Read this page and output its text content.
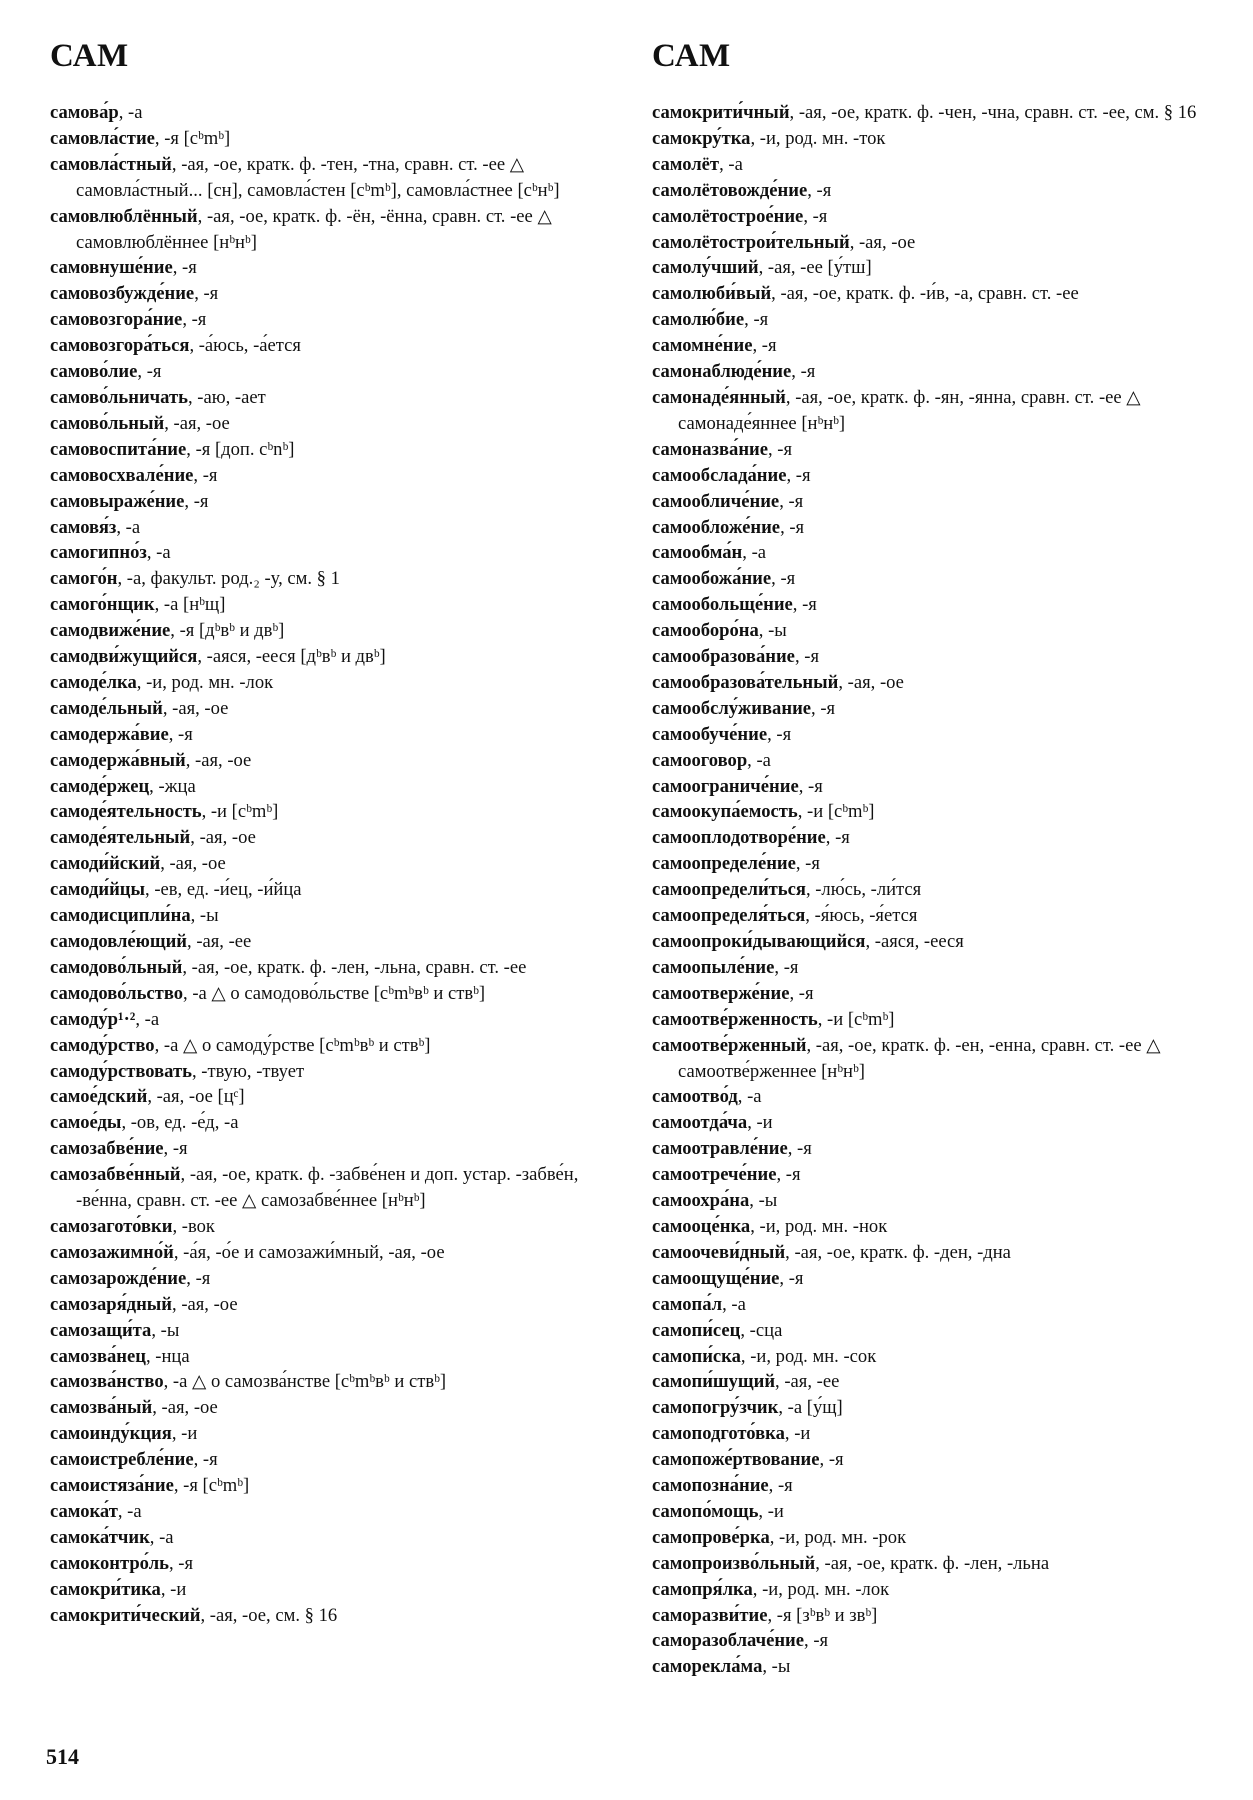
САМ

самова́р, -а

самовла́стие, -я [cᵇmᵇ]

самовла́стный, -ая, -ое, кратк. ф. -тен, -тна, сравн. ст. -ее △ самовла́стный... [сн], самовла́стен [cᵇmᵇ], самовла́стнее [cᵇнᵇ]

самовлюблённый, -ая, -ое, кратк. ф. -ён, -ённа, сравн. ст. -ее △ самовлюблённее [нᵇнᵇ]

самовнуше́ние, -я

самовозбужде́ние, -я

самовозгора́ние, -я

самовозгора́ться, -а́юсь, -а́ется

самово́лие, -я

самово́льничать, -аю, -ает

самово́льный, -ая, -ое

самовоспита́ние, -я [доп. cᵇnᵇ]

самовосхвале́ние, -я

самовыраже́ние, -я

самовя́з, -а

самогипно́з, -а

самого́н, -а, факульт. род.₂ -у, см. § 1

самого́нщик, -а [нᵇщ]

самодвиже́ние, -я [дᵇвᵇ и двᵇ]

самодви́жущийся, -аяся, -ееся [дᵇвᵇ и двᵇ]

самоде́лка, -и, род. мн. -лок

самоде́льный, -ая, -ое

самодержа́вие, -я

самодержа́вный, -ая, -ое

самоде́ржец, -жца

самоде́ятельность, -и [cᵇmᵇ]

самоде́ятельный, -ая, -ое

самоди́йский, -ая, -ое

самоди́йцы, -ев, ед. -и́ец, -и́йца

самодисципли́на, -ы

самодовле́ющий, -ая, -ее

самодово́льный, -ая, -ое, кратк. ф. -лен, -льна, сравн. ст. -ее

самодово́льство, -а △ о самодово́льстве [cᵇmᵇвᵇ и ствᵇ]

самоду́р¹·², -а

самоду́рство, -а △ о самоду́рстве [cᵇmᵇвᵇ и ствᵇ]

самоду́рствовать, -твую, -твует

самое́дский, -ая, -ое [цᶜ]

самое́ды, -ов, ед. -е́д, -а

самозабве́ние, -я

самозабве́нный, -ая, -ое, кратк. ф. -забве́нен и доп. устар. -забве́н, -ве́нна, сравн. ст. -ее △ самозабве́ннее [нᵇнᵇ]

самозагото́вки, -вок

самозажимно́й, -а́я, -о́е и самозажи́мный, -ая, -ое

самозарожде́ние, -я

самозаря́дный, -ая, -ое

самозащи́та, -ы

самозва́нец, -нца

самозва́нство, -а △ о самозва́нстве [cᵇmᵇвᵇ и ствᵇ]

самозва́ный, -ая, -ое

самоинду́кция, -и

самоистребле́ние, -я

самоистяза́ние, -я [cᵇmᵇ]

самока́т, -а

самока́тчик, -а

самоконтро́ль, -я

самокри́тика, -и

самокрити́ческий, -ая, -ое, см. § 16

САМ

самокрити́чный, -ая, -ое, кратк. ф. -чен, -чна, сравн. ст. -ее, см. § 16

самокру́тка, -и, род. мн. -ток

самолёт, -а

самолётовожде́ние, -я

самолётострое́ние, -я

самолётострои́тельный, -ая, -ое

самолу́чший, -ая, -ее [у́тш]

самолюби́вый, -ая, -ое, кратк. ф. -и́в, -а, сравн. ст. -ее

самолю́бие, -я

самомне́ние, -я

самонаблюде́ние, -я

самонаде́янный, -ая, -ое, кратк. ф. -ян, -янна, сравн. ст. -ее △ самонаде́яннее [нᵇнᵇ]

самоназва́ние, -я

самообслада́ние, -я

самообличе́ние, -я

самообложе́ние, -я

самообма́н, -а

самообожа́ние, -я

самообольще́ние, -я

самооборо́на, -ы

самообразова́ние, -я

самообразова́тельный, -ая, -ое

самообслу́живание, -я

самообуче́ние, -я

самооговор, -а

самоограниче́ние, -я

самоокупа́емость, -и [cᵇmᵇ]

самооплодотворе́ние, -я

самоопределе́ние, -я

самоопредели́ться, -лю́сь, -ли́тся

самоопределя́ться, -я́юсь, -я́ется

самоопроки́дывающийся, -аяся, -ееся

самоопыле́ние, -я

самоотверже́ние, -я

самоотве́рженность, -и [cᵇmᵇ]

самоотве́рженный, -ая, -ое, кратк. ф. -ен, -енна, сравн. ст. -ее △ самоотве́рженнее [нᵇнᵇ]

самоотво́д, -а

самоотда́ча, -и

самоотравле́ние, -я

самоотрече́ние, -я

самоохра́на, -ы

самооце́нка, -и, род. мн. -нок

самоочеви́дный, -ая, -ое, кратк. ф. -ден, -дна

самоощуще́ние, -я

самопа́л, -а

самопи́сец, -сца

самопи́ска, -и, род. мн. -сок

самопи́шущий, -ая, -ее

самопогру́зчик, -а [у́щ]

самоподгото́вка, -и

самопоже́ртвование, -я

самопозна́ние, -я

самопо́мощь, -и

самопрове́рка, -и, род. мн. -рок

самопроизво́льный, -ая, -ое, кратк. ф. -лен, -льна

самопря́лка, -и, род. мн. -лок

саморазви́тие, -я [зᵇвᵇ и звᵇ]

саморазоблаче́ние, -я

самоpекла́ма, -ы

514
